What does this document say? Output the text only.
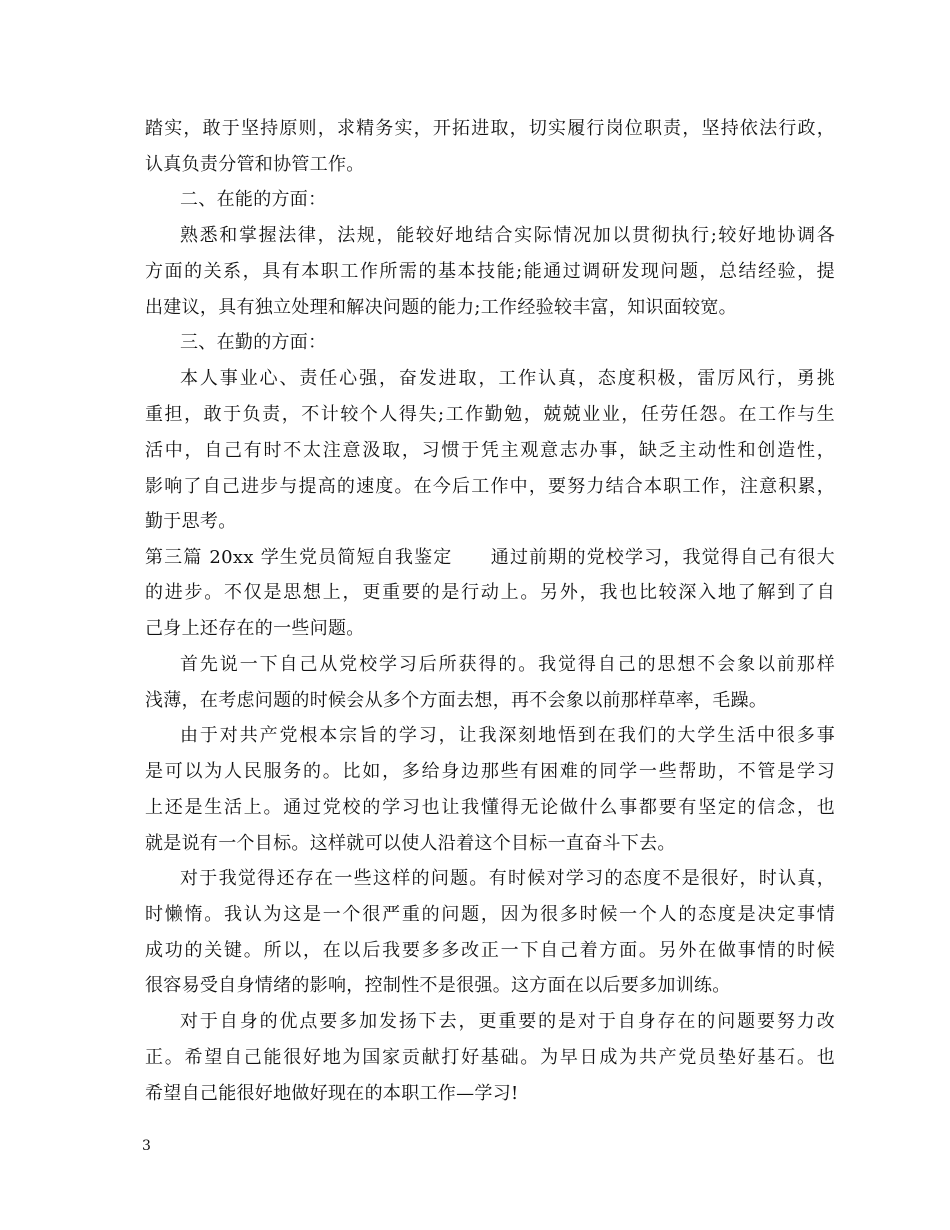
踏实，敢于坚持原则，求精务实，开拓进取，切实履行岗位职责，坚持依法行政，
认真负责分管和协管工作。
二、在能的方面：
熟悉和掌握法律，法规，能较好地结合实际情况加以贯彻执行;较好地协调各
方面的关系，具有本职工作所需的基本技能;能通过调研发现问题，总结经验，提
出建议，具有独立处理和解决问题的能力;工作经验较丰富，知识面较宽。
三、在勤的方面：
本人事业心、责任心强，奋发进取，工作认真，态度积极，雷厉风行，勇挑
重担，敢于负责，不计较个人得失;工作勤勉，兢兢业业，任劳任怨。在工作与生
活中，自己有时不太注意汲取，习惯于凭主观意志办事，缺乏主动性和创造性，
影响了自己进步与提高的速度。在今后工作中，要努力结合本职工作，注意积累，
勤于思考。
第三篇 20xx 学生党员简短自我鉴定　　通过前期的党校学习，我觉得自己有很大
的进步。不仅是思想上，更重要的是行动上。另外，我也比较深入地了解到了自
己身上还存在的一些问题。
首先说一下自己从党校学习后所获得的。我觉得自己的思想不会象以前那样
浅薄，在考虑问题的时候会从多个方面去想，再不会象以前那样草率，毛躁。
由于对共产党根本宗旨的学习，让我深刻地悟到在我们的大学生活中很多事
是可以为人民服务的。比如，多给身边那些有困难的同学一些帮助，不管是学习
上还是生活上。通过党校的学习也让我懂得无论做什么事都要有坚定的信念，也
就是说有一个目标。这样就可以使人沿着这个目标一直奋斗下去。
对于我觉得还存在一些这样的问题。有时候对学习的态度不是很好，时认真，
时懒惰。我认为这是一个很严重的问题，因为很多时候一个人的态度是决定事情
成功的关键。所以，在以后我要多多改正一下自己着方面。另外在做事情的时候
很容易受自身情绪的影响，控制性不是很强。这方面在以后要多加训练。
对于自身的优点要多加发扬下去，更重要的是对于自身存在的问题要努力改
正。希望自己能很好地为国家贡献打好基础。为早日成为共产党员垫好基石。也
希望自己能很好地做好现在的本职工作—学习!
3
